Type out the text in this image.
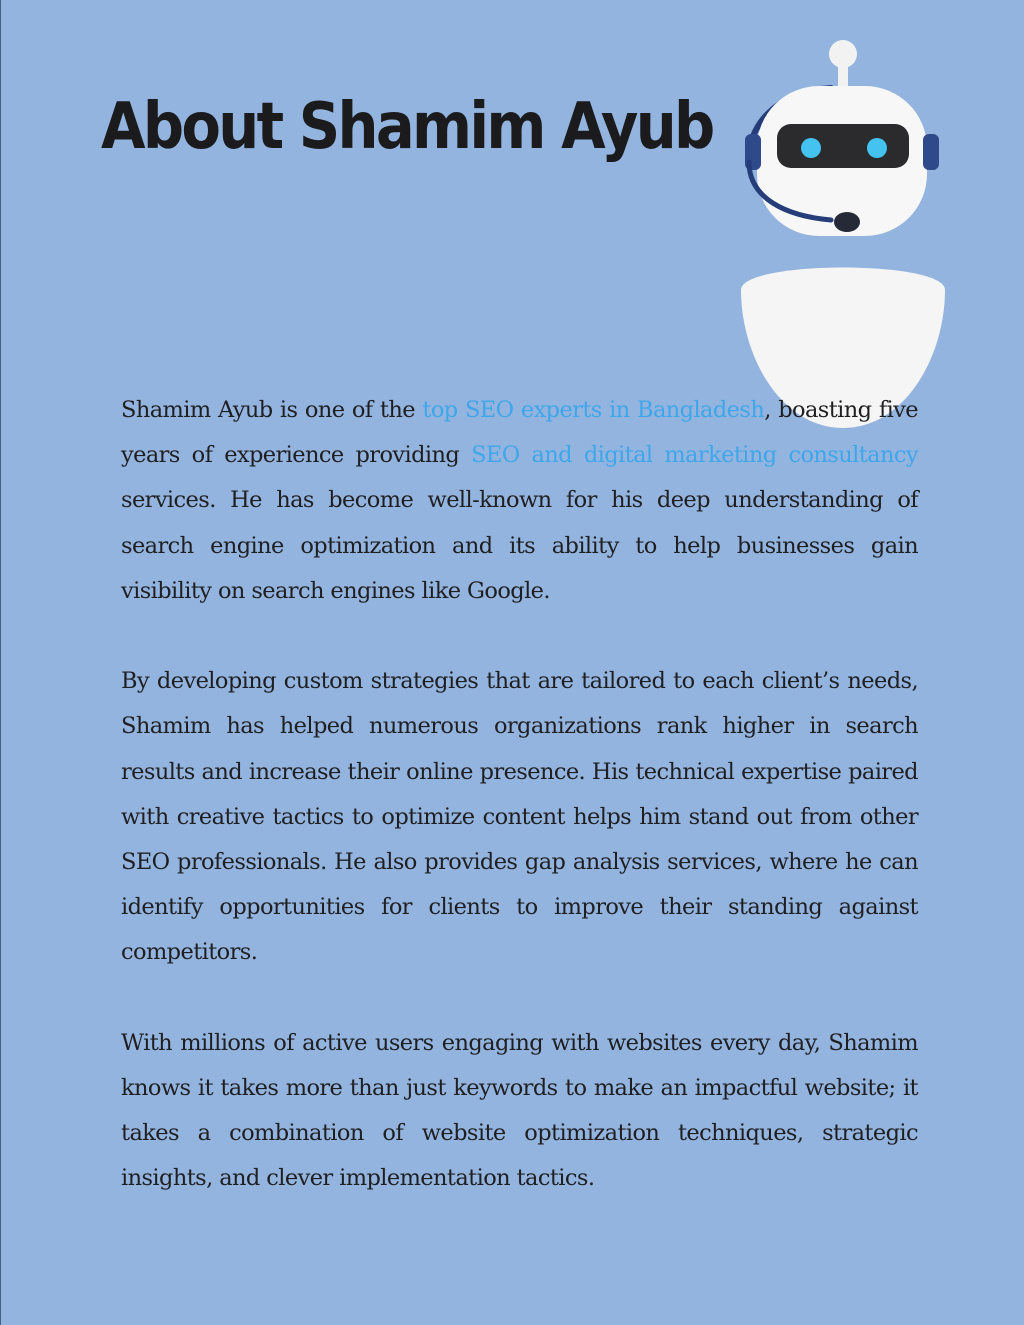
About Shamim Ayub

Shamim Ayub is one of the top SEO experts in Bangladesh, boasting five years of experience providing SEO and digital marketing consultancy services. He has become well-known for his deep understanding of search engine optimization and its ability to help businesses gain visibility on search engines like Google.

By developing custom strategies that are tailored to each client’s needs, Shamim has helped numerous organizations rank higher in search results and increase their online presence. His technical expertise paired with creative tactics to optimize content helps him stand out from other SEO professionals. He also provides gap analysis services, where he can identify opportunities for clients to improve their standing against competitors.

With millions of active users engaging with websites every day, Shamim knows it takes more than just keywords to make an impactful website; it takes a combination of website optimization techniques, strategic insights, and clever implementation tactics.
